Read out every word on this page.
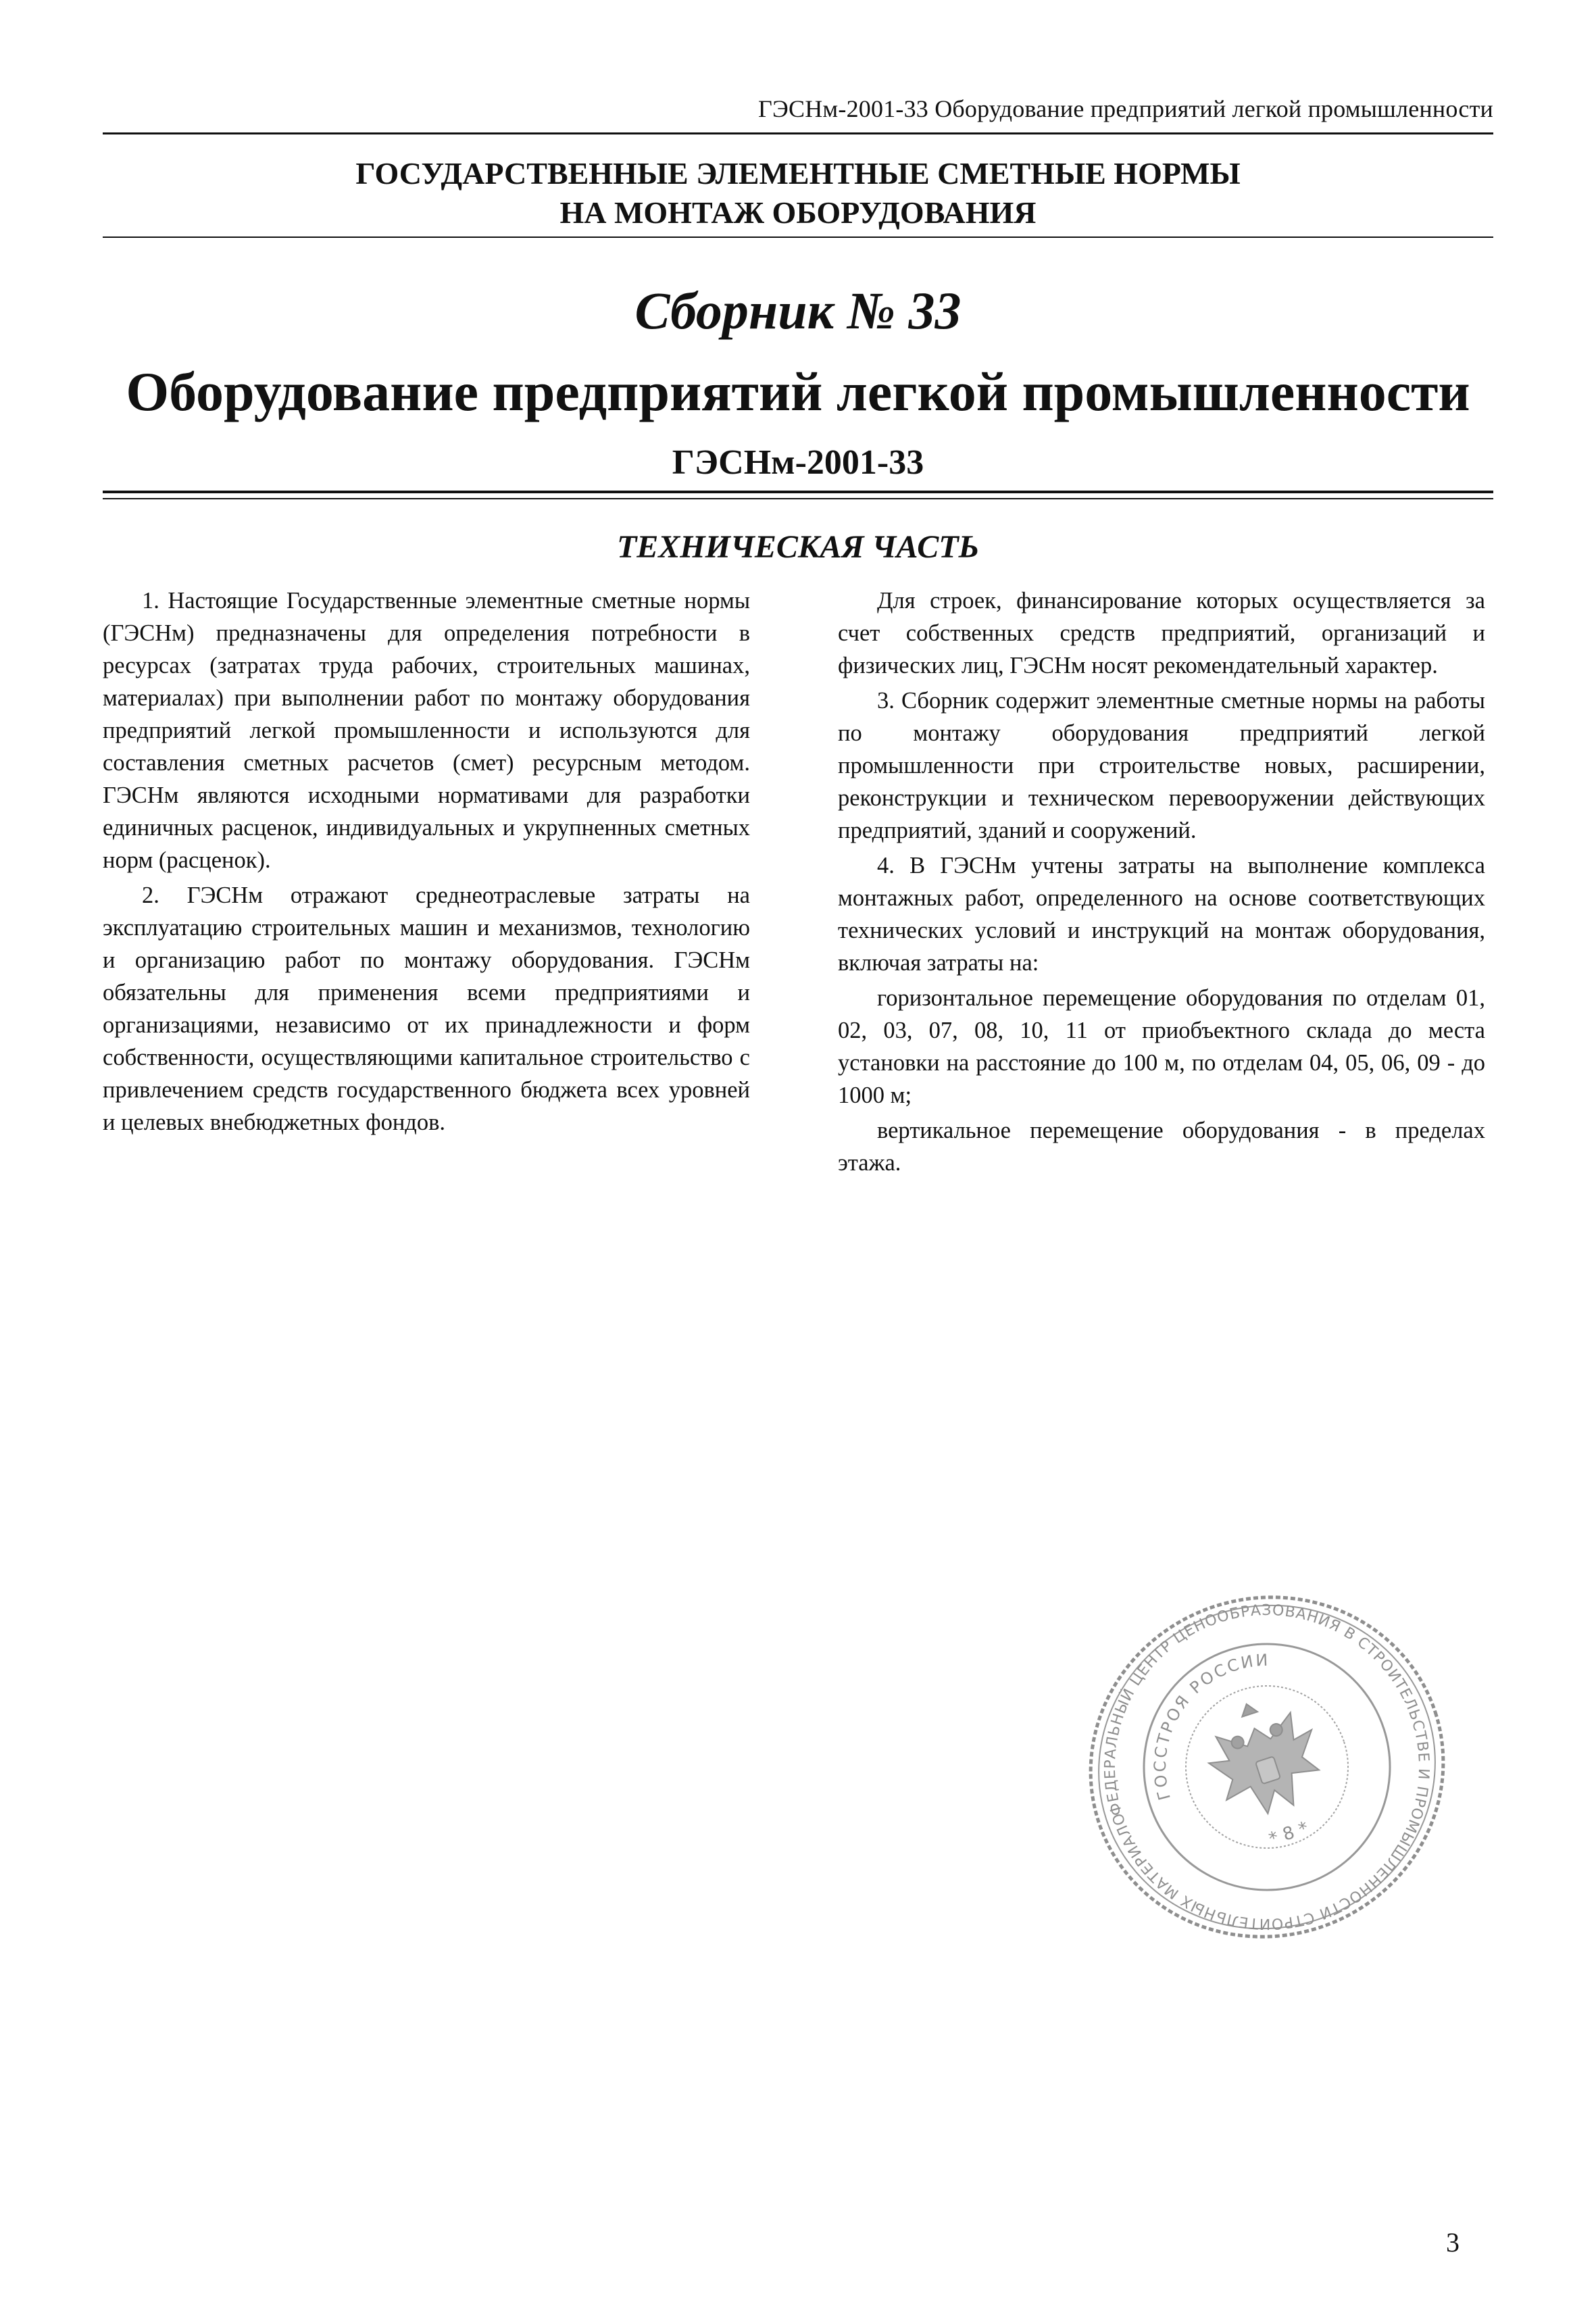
ГЭСНм-2001-33 Оборудование предприятий легкой промышленности
ГОСУДАРСТВЕННЫЕ ЭЛЕМЕНТНЫЕ СМЕТНЫЕ НОРМЫ
НА МОНТАЖ ОБОРУДОВАНИЯ
Сборник № 33
Оборудование предприятий легкой промышленности
ГЭСНм-2001-33
ТЕХНИЧЕСКАЯ ЧАСТЬ

1. Настоящие Государственные элементные сметные нормы (ГЭСНм) предназначены для определения потребности в ресурсах (затратах труда рабочих, строительных машинах, материалах) при выполнении работ по монтажу оборудования предприятий легкой промышленности и используются для составления сметных расчетов (смет) ресурсным методом. ГЭСНм являются исходными нормативами для разработки единичных расценок, индивидуальных и укрупненных сметных норм (расценок).

2. ГЭСНм отражают среднеотраслевые затраты на эксплуатацию строительных машин и механизмов, технологию и организацию работ по монтажу оборудования. ГЭСНм обязательны для применения всеми предприятиями и организациями, независимо от их принадлежности и форм собственности, осуществляющими капитальное строительство с привлечением средств государственного бюджета всех уровней и целевых внебюджетных фондов.

Для строек, финансирование которых осуществляется за счет собственных средств предприятий, организаций и физических лиц, ГЭСНм носят рекомендательный характер.

3. Сборник содержит элементные сметные нормы на работы по монтажу оборудования предприятий легкой промышленности при строительстве новых, расширении, реконструкции и техническом перевооружении действующих предприятий, зданий и сооружений.

4. В ГЭСНм учтены затраты на выполнение комплекса монтажных работ, определенного на основе соответствующих технических условий и инструкций на монтаж оборудования, включая затраты на:

горизонтальное перемещение оборудования по отделам 01, 02, 03, 07, 08, 10, 11 от приобъектного склада до места установки на расстояние до 100 м, по отделам 04, 05, 06, 09 - до 1000 м;

вертикальное перемещение оборудования - в пределах этажа.

ФЕДЕРАЛЬНЫЙ ЦЕНТР ЦЕНООБРАЗОВАНИЯ В СТРОИТЕЛЬСТВЕ И ПРОМЫШЛЕННОСТИ СТРОИТЕЛЬНЫХ МАТЕРИАЛОВ
ГОССТРОЯ РОССИИ
* 8 *
3
